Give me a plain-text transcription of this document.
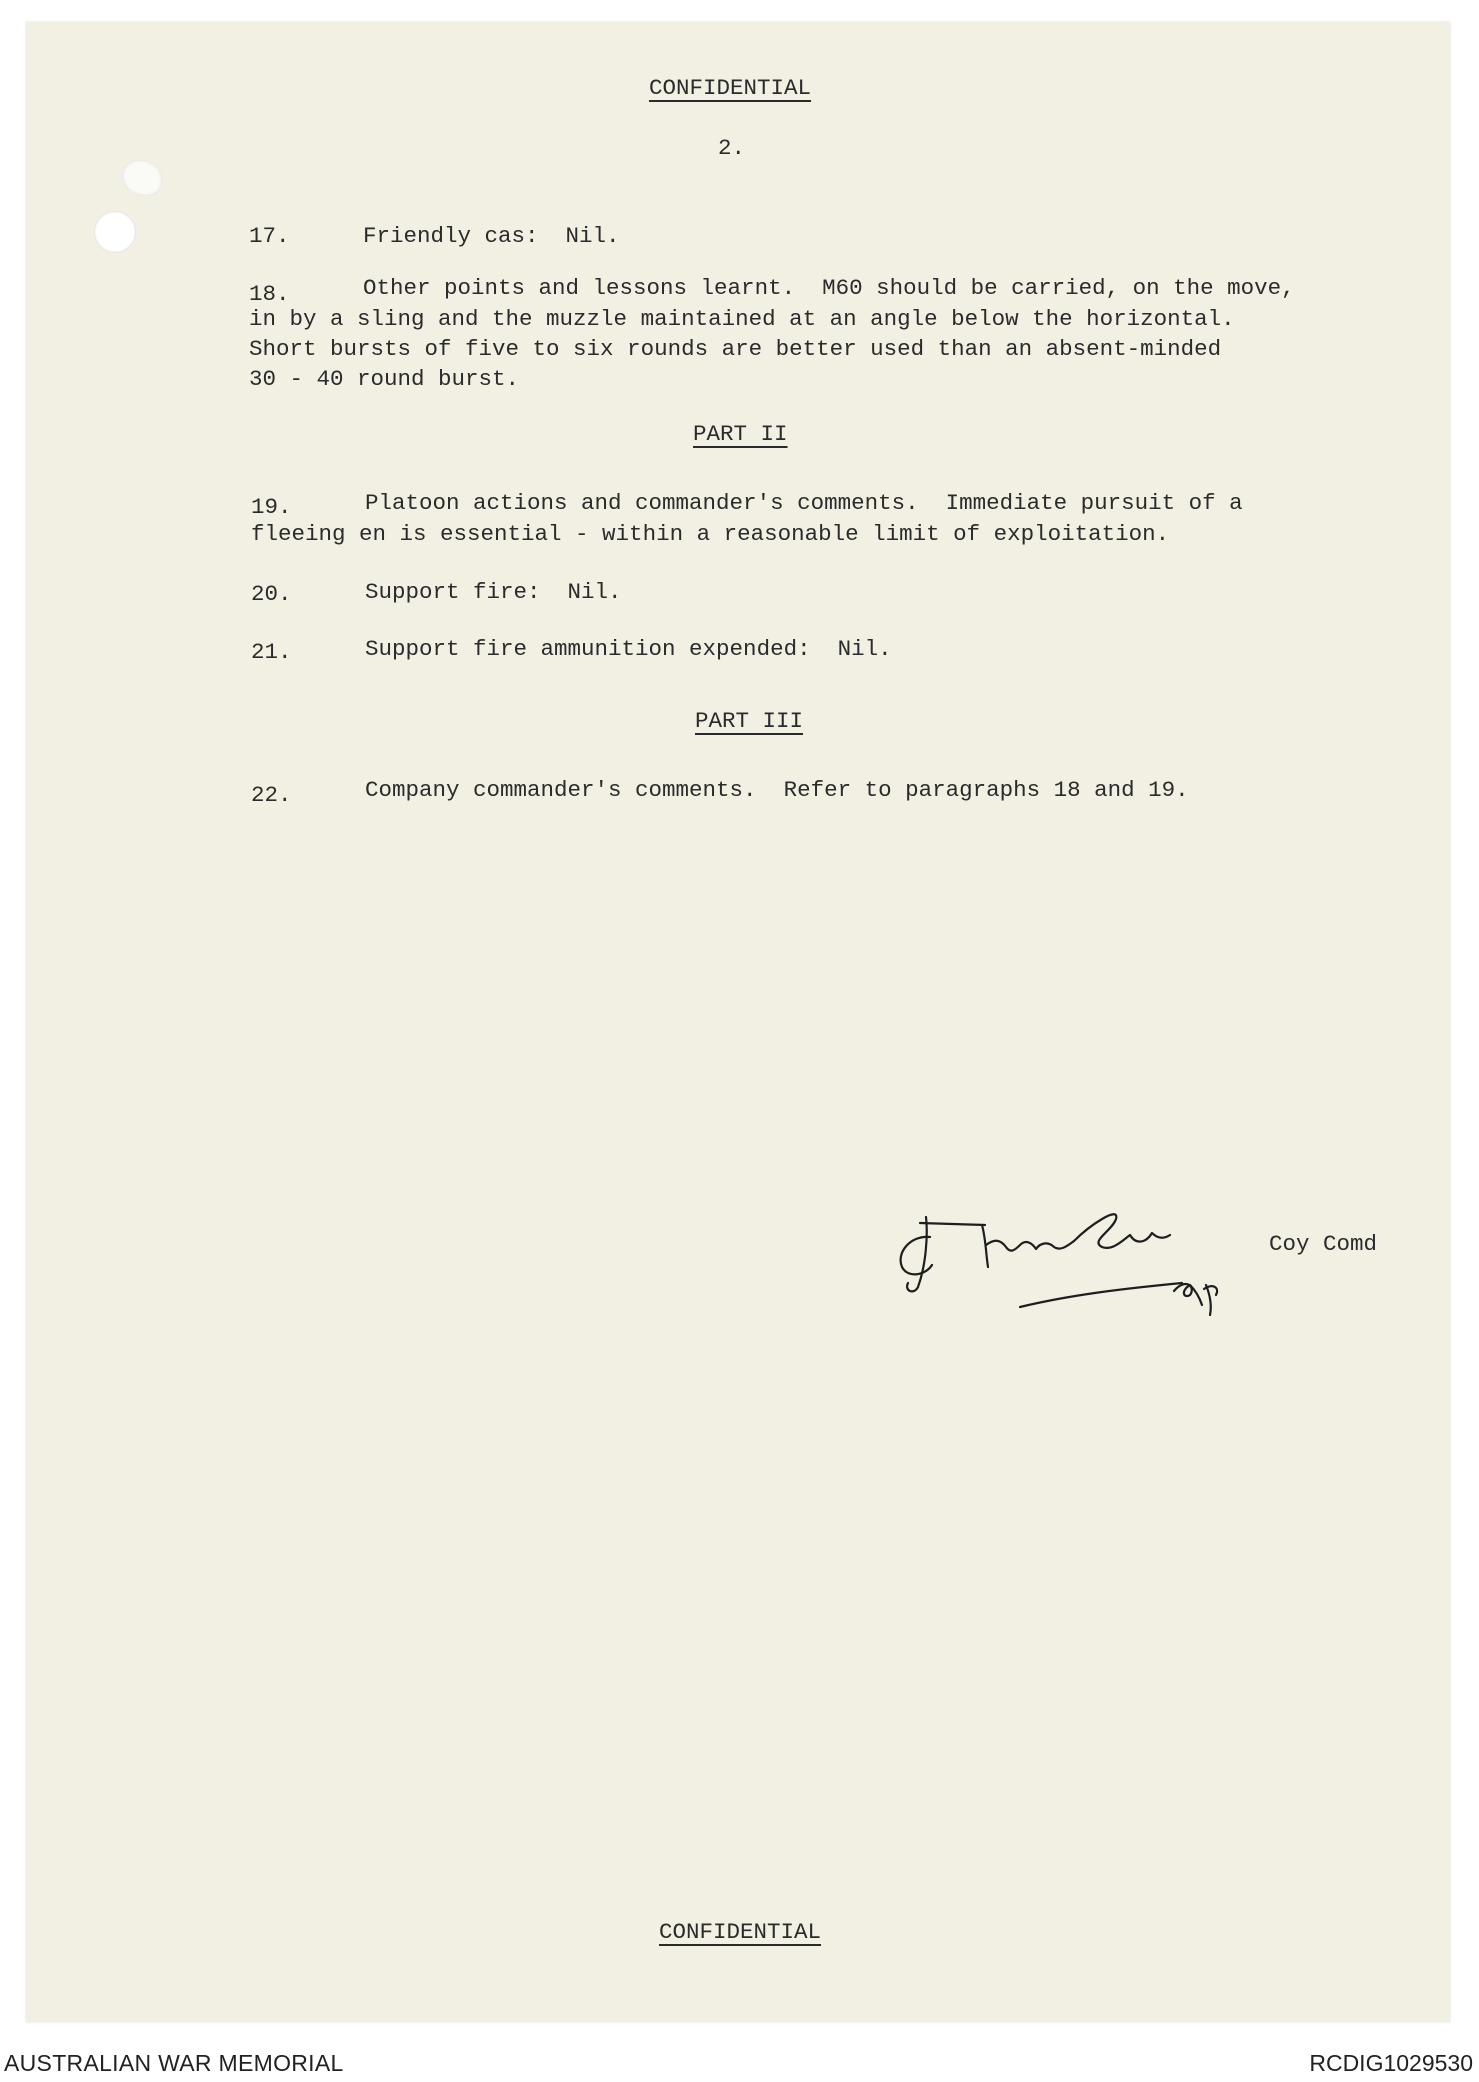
CONFIDENTIAL
2.
17.	Friendly cas:  Nil.
18.	Other points and lessons learnt.  M60 should be carried, on the move,
in by a sling and the muzzle maintained at an angle below the horizontal.
Short bursts of five to six rounds are better used than an absent-minded
30 - 40 round burst.
PART II
19.	Platoon actions and commander's comments.  Immediate pursuit of a
fleeing en is essential - within a reasonable limit of exploitation.
20.	Support fire:  Nil.
21.	Support fire ammunition expended:  Nil.
PART III
22.	Company commander's comments.  Refer to paragraphs 18 and 19.
Coy Comd
CONFIDENTIAL
AUSTRALIAN WAR MEMORIAL	RCDIG1029530
